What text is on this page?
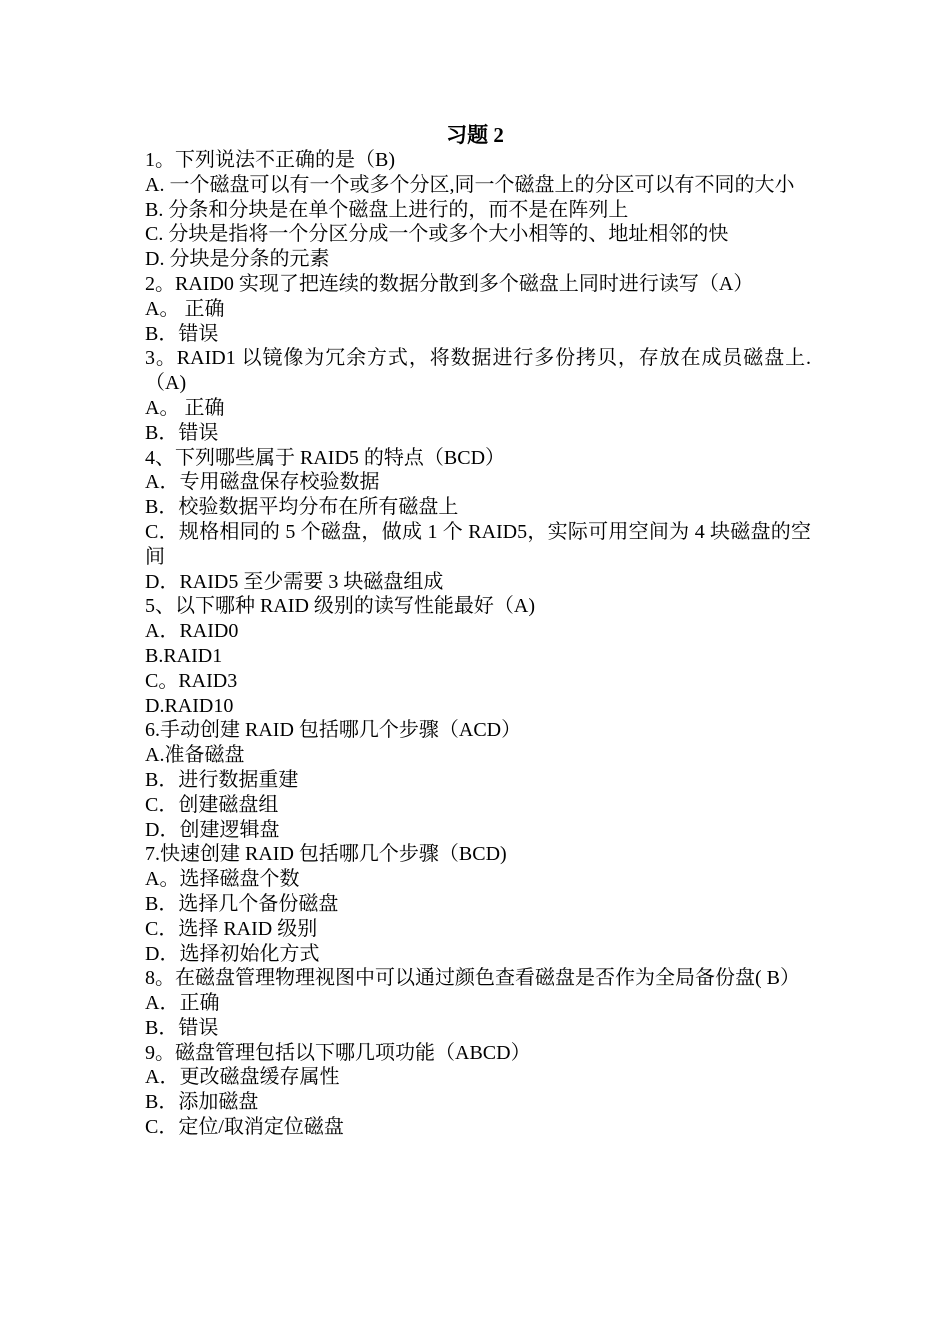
习题 2
1。下列说法不正确的是（B)
A. 一个磁盘可以有一个或多个分区,同一个磁盘上的分区可以有不同的大小
B. 分条和分块是在单个磁盘上进行的，而不是在阵列上
C. 分块是指将一个分区分成一个或多个大小相等的、地址相邻的快
D. 分块是分条的元素
2。RAID0 实现了把连续的数据分散到多个磁盘上同时进行读写（A）
A。 正确
B．错误
3。RAID1 以镜像为冗余方式，将数据进行多份拷贝，存放在成员磁盘上.（A)
A。 正确
B．错误
4、下列哪些属于 RAID5 的特点（BCD）
A．专用磁盘保存校验数据
B．校验数据平均分布在所有磁盘上
C．规格相同的 5 个磁盘，做成 1 个 RAID5，实际可用空间为 4 块磁盘的空间
D．RAID5 至少需要 3 块磁盘组成
5、以下哪种 RAID 级别的读写性能最好（A)
A．RAID0
B.RAID1
C。RAID3
D.RAID10
6.手动创建 RAID 包括哪几个步骤（ACD）
A.准备磁盘
B．进行数据重建
C．创建磁盘组
D．创建逻辑盘
7.快速创建 RAID 包括哪几个步骤（BCD)
A。选择磁盘个数
B．选择几个备份磁盘
C．选择 RAID 级别
D．选择初始化方式
8。在磁盘管理物理视图中可以通过颜色查看磁盘是否作为全局备份盘( B）
A．正确
B．错误
9。磁盘管理包括以下哪几项功能（ABCD）
A．更改磁盘缓存属性
B．添加磁盘
C．定位/取消定位磁盘
